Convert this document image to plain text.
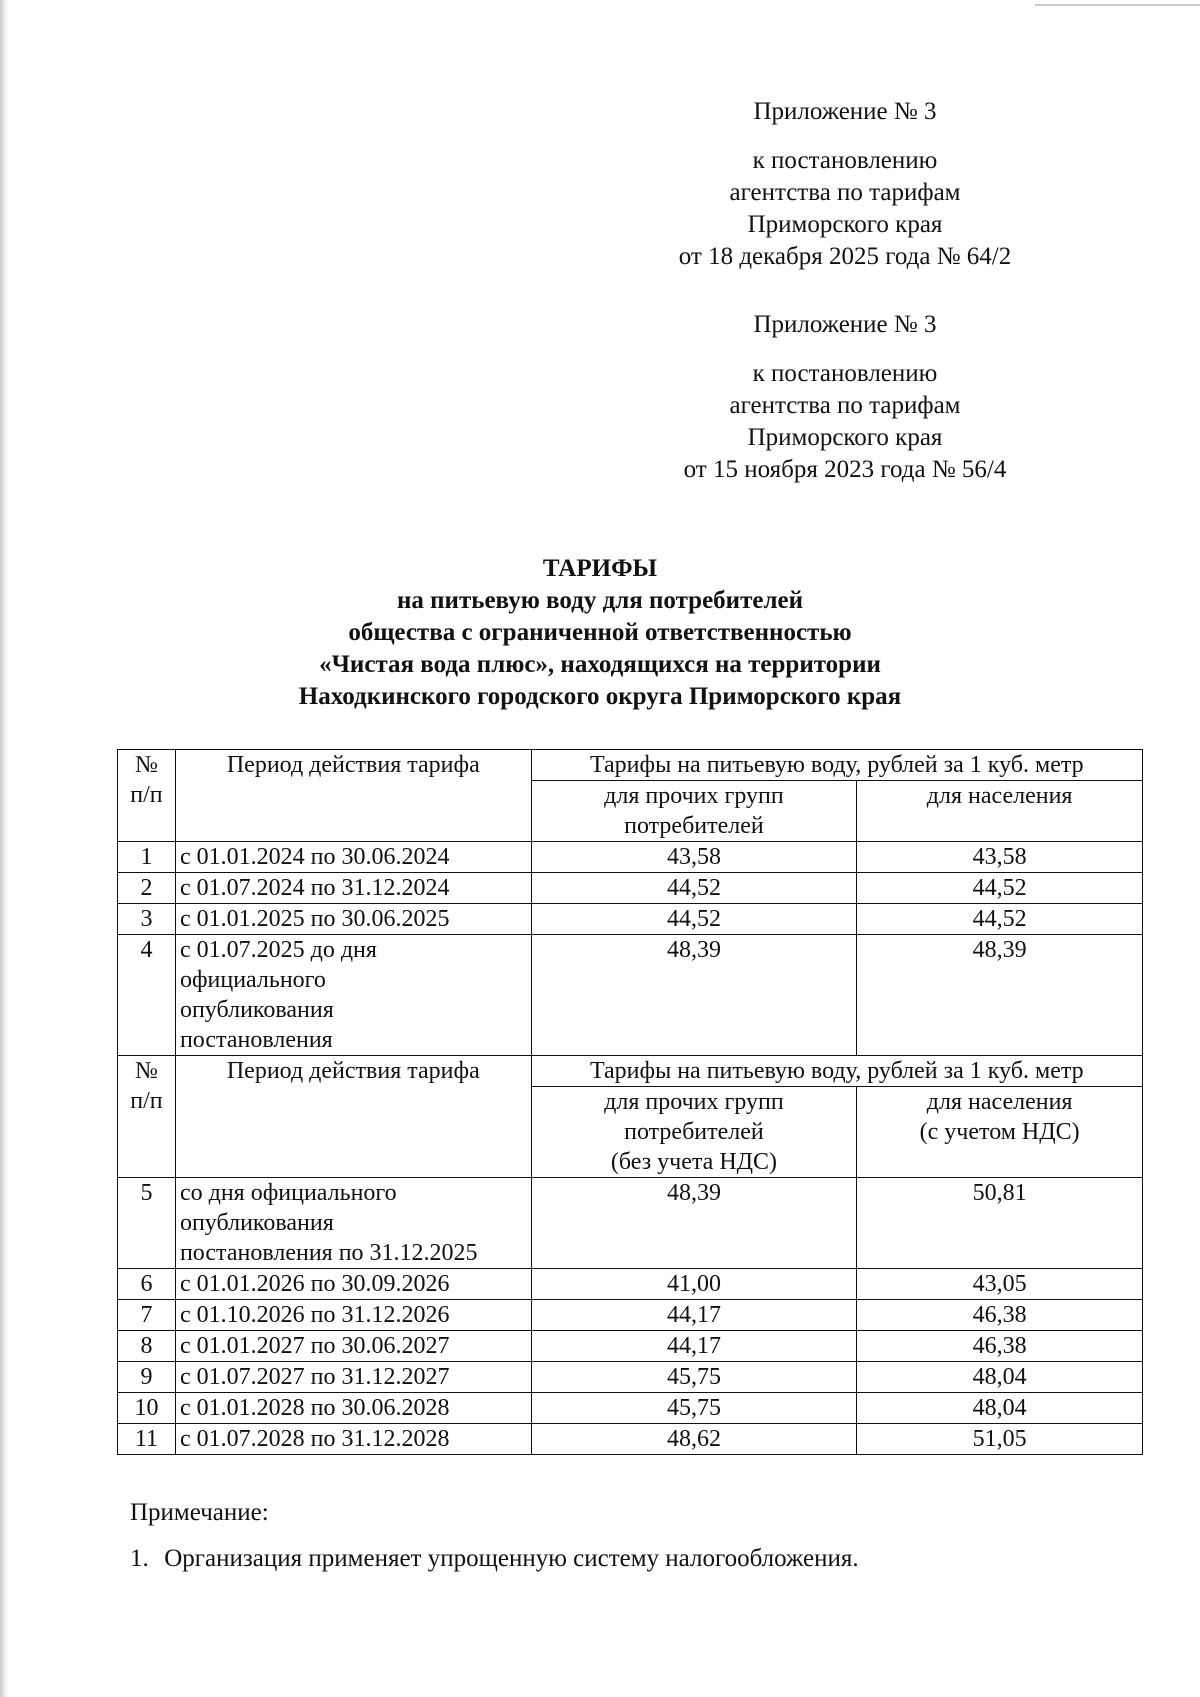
Приложение № 3
к постановлению
агентства по тарифам
Приморского края
от 18 декабря 2025 года № 64/2
Приложение № 3
к постановлению
агентства по тарифам
Приморского края
от 15 ноября 2023 года № 56/4
ТАРИФЫ
на питьевую воду для потребителей
общества с ограниченной ответственностью
«Чистая вода плюс», находящихся на территории
Находкинского городского округа Приморского края
№
п/п	Период действия тарифа	Тарифы на питьевую воду, рублей за 1 куб. метр	
		для прочих групп
потребителей	для населения
1	с 01.01.2024 по 30.06.2024	43,58	43,58
2	с 01.07.2024 по 31.12.2024	44,52	44,52
3	с 01.01.2025 по 30.06.2025	44,52	44,52
4	с 01.07.2025 до дня
официального
опубликования
постановления	48,39	48,39
№
п/п	Период действия тарифа	Тарифы на питьевую воду, рублей за 1 куб. метр	
		для прочих групп
потребителей
(без учета НДС)	для населения
(с учетом НДС)
5	со дня официального
опубликования
постановления по 31.12.2025	48,39	50,81
6	с 01.01.2026 по 30.09.2026	41,00	43,05
7	с 01.10.2026 по 31.12.2026	44,17	46,38
8	с 01.01.2027 по 30.06.2027	44,17	46,38
9	с 01.07.2027 по 31.12.2027	45,75	48,04
10	с 01.01.2028 по 30.06.2028	45,75	48,04
11	с 01.07.2028 по 31.12.2028	48,62	51,05
Примечание:
1. Организация применяет упрощенную систему налогообложения.
